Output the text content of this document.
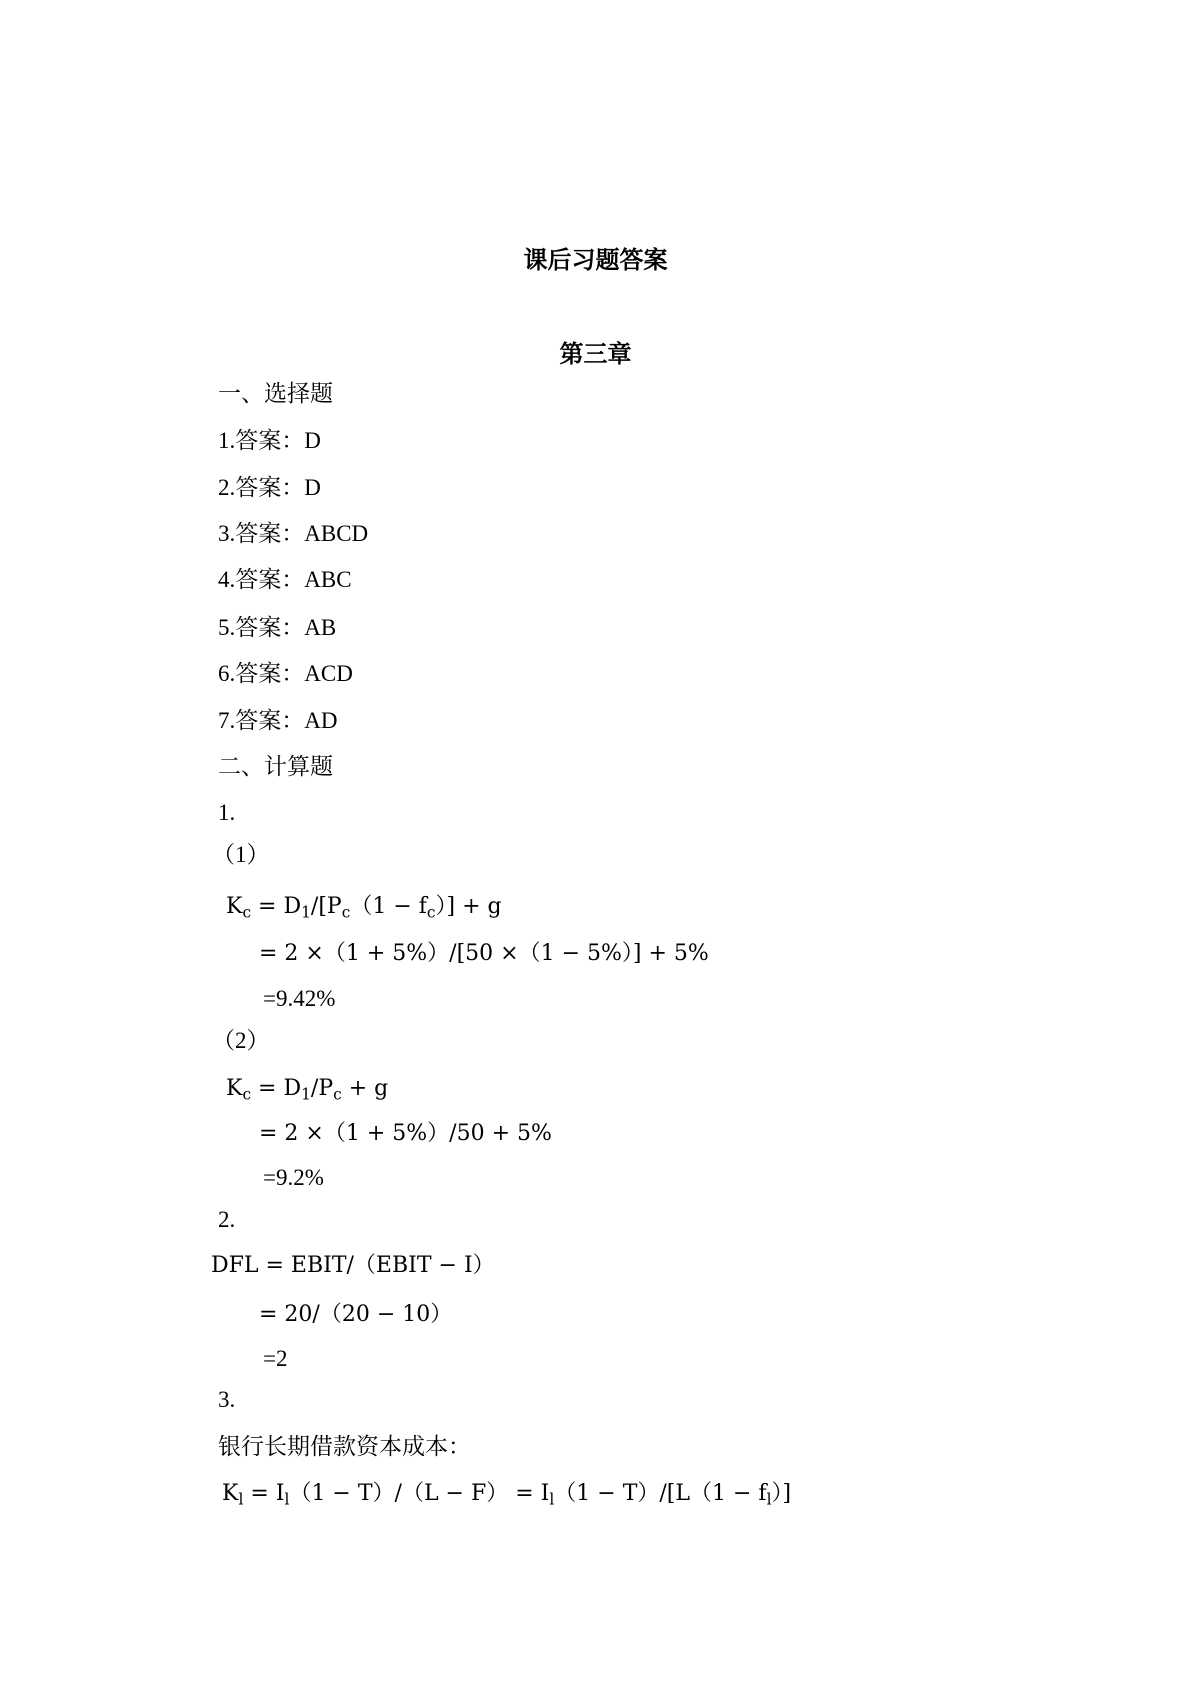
课后习题答案
第三章
一、选择题
1.答案：D
2.答案：D
3.答案：ABCD
4.答案：ABC
5.答案：AB
6.答案：ACD
7.答案：AD
二、计算题
1.
（1）
$K_c = D_1/[P_c(1 - f_c)] + g$
= 2 ×（1 + 5%）/[50 ×（1 − 5%）] + 5%
=9.42%
（2）
$K_c = D_1/P_c + g$
= 2 ×（1 + 5%）/50 + 5%
=9.2%
2.
DFL = EBIT/（EBIT − I）
= 20/（20 − 10）
=2
3.
银行长期借款资本成本：
$K_l = I_l(1 - T)/(L - F) = I_l(1 - T)/[L(1 - f_l)]$
